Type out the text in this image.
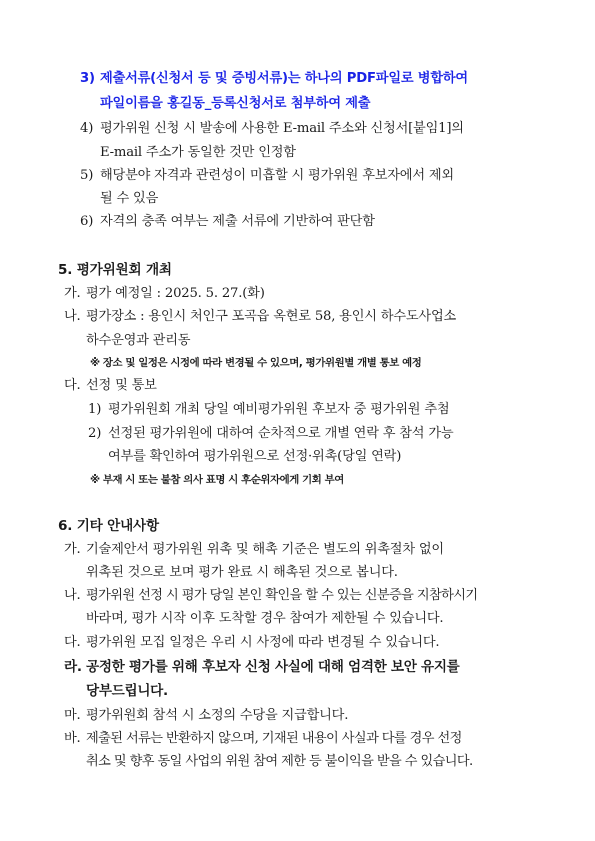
3) 제출서류(신청서 등 및 증빙서류)는 하나의 PDF파일로 병합하여
파일이름을 홍길동_등록신청서로 첨부하여 제출
4) 평가위원 신청 시 발송에 사용한 E-mail 주소와 신청서[붙임1]의
E-mail 주소가 동일한 것만 인정함
5) 해당분야 자격과 관련성이 미흡할 시 평가위원 후보자에서 제외
될 수 있음
6) 자격의 충족 여부는 제출 서류에 기반하여 판단함
5. 평가위원회 개최
가. 평가 예정일 : 2025. 5. 27.(화)
나. 평가장소 : 용인시 처인구 포곡읍 옥현로 58, 용인시 하수도사업소
하수운영과 관리동
※ 장소 및 일정은 시정에 따라 변경될 수 있으며, 평가위원별 개별 통보 예정
다. 선정 및 통보
1) 평가위원회 개최 당일 예비평가위원 후보자 중 평가위원 추첨
2) 선정된 평가위원에 대하여 순차적으로 개별 연락 후 참석 가능
여부를 확인하여 평가위원으로 선정·위촉(당일 연락)
※ 부재 시 또는 불참 의사 표명 시 후순위자에게 기회 부여
6. 기타 안내사항
가. 기술제안서 평가위원 위촉 및 해촉 기준은 별도의 위촉절차 없이
위촉된 것으로 보며 평가 완료 시 해촉된 것으로 봅니다.
나. 평가위원 선정 시 평가 당일 본인 확인을 할 수 있는 신분증을 지참하시기
바라며, 평가 시작 이후 도착할 경우 참여가 제한될 수 있습니다.
다. 평가위원 모집 일정은 우리 시 사정에 따라 변경될 수 있습니다.
라. 공정한 평가를 위해 후보자 신청 사실에 대해 엄격한 보안 유지를
당부드립니다.
마. 평가위원회 참석 시 소정의 수당을 지급합니다.
바. 제출된 서류는 반환하지 않으며, 기재된 내용이 사실과 다를 경우 선정
취소 및 향후 동일 사업의 위원 참여 제한 등 불이익을 받을 수 있습니다.
